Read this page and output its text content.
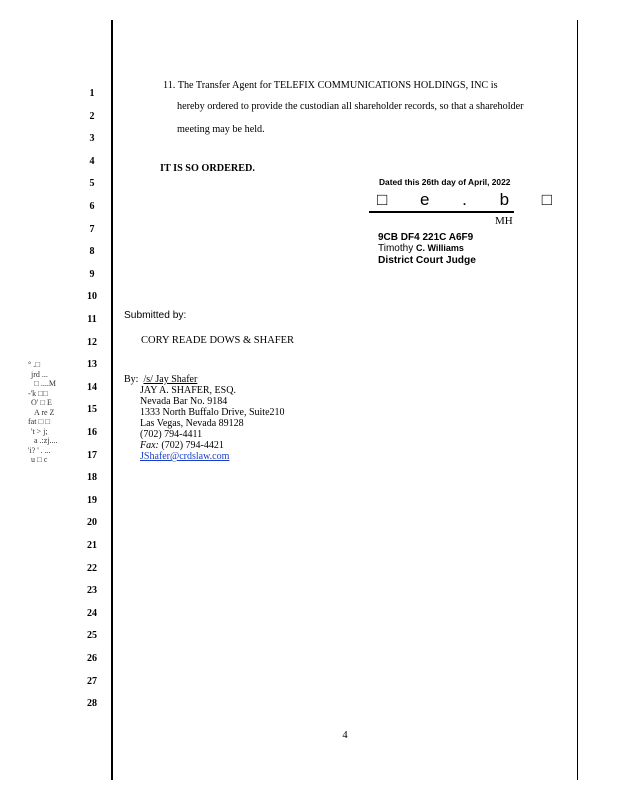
1
2
3
4
5
6
7
8
9
10
11
12
13
14
15
16
17
18
19
20
21
22
23
24
25
26
27
28
11. The Transfer Agent for TELEFIX COMMUNICATIONS HOLDINGS, INC is
hereby ordered to provide the custodian all shareholder records, so that a shareholder
meeting may be held.
IT IS SO ORDERED.
Dated this 26th day of April, 2022
□ e . b □
MH
9CB DF4 221C A6F9
Timothy C. Williams
District Court Judge
Submitted by:
CORY READE DOWS & SHAFER
By: /s/ Jay Shafer
JAY A. SHAFER, ESQ.
Nevada Bar No. 9184
1333 North Buffalo Drive, Suite210
Las Vegas, Nevada 89128
(702) 794-4411
Fax: (702) 794-4421
JShafer@crdslaw.com
° .□
jrd ...
□ ....M
-'k □□
O' □ E
A re Z
fat □ □
't > j;
a .:zj....
'i? ' . ...
u □ c
4
